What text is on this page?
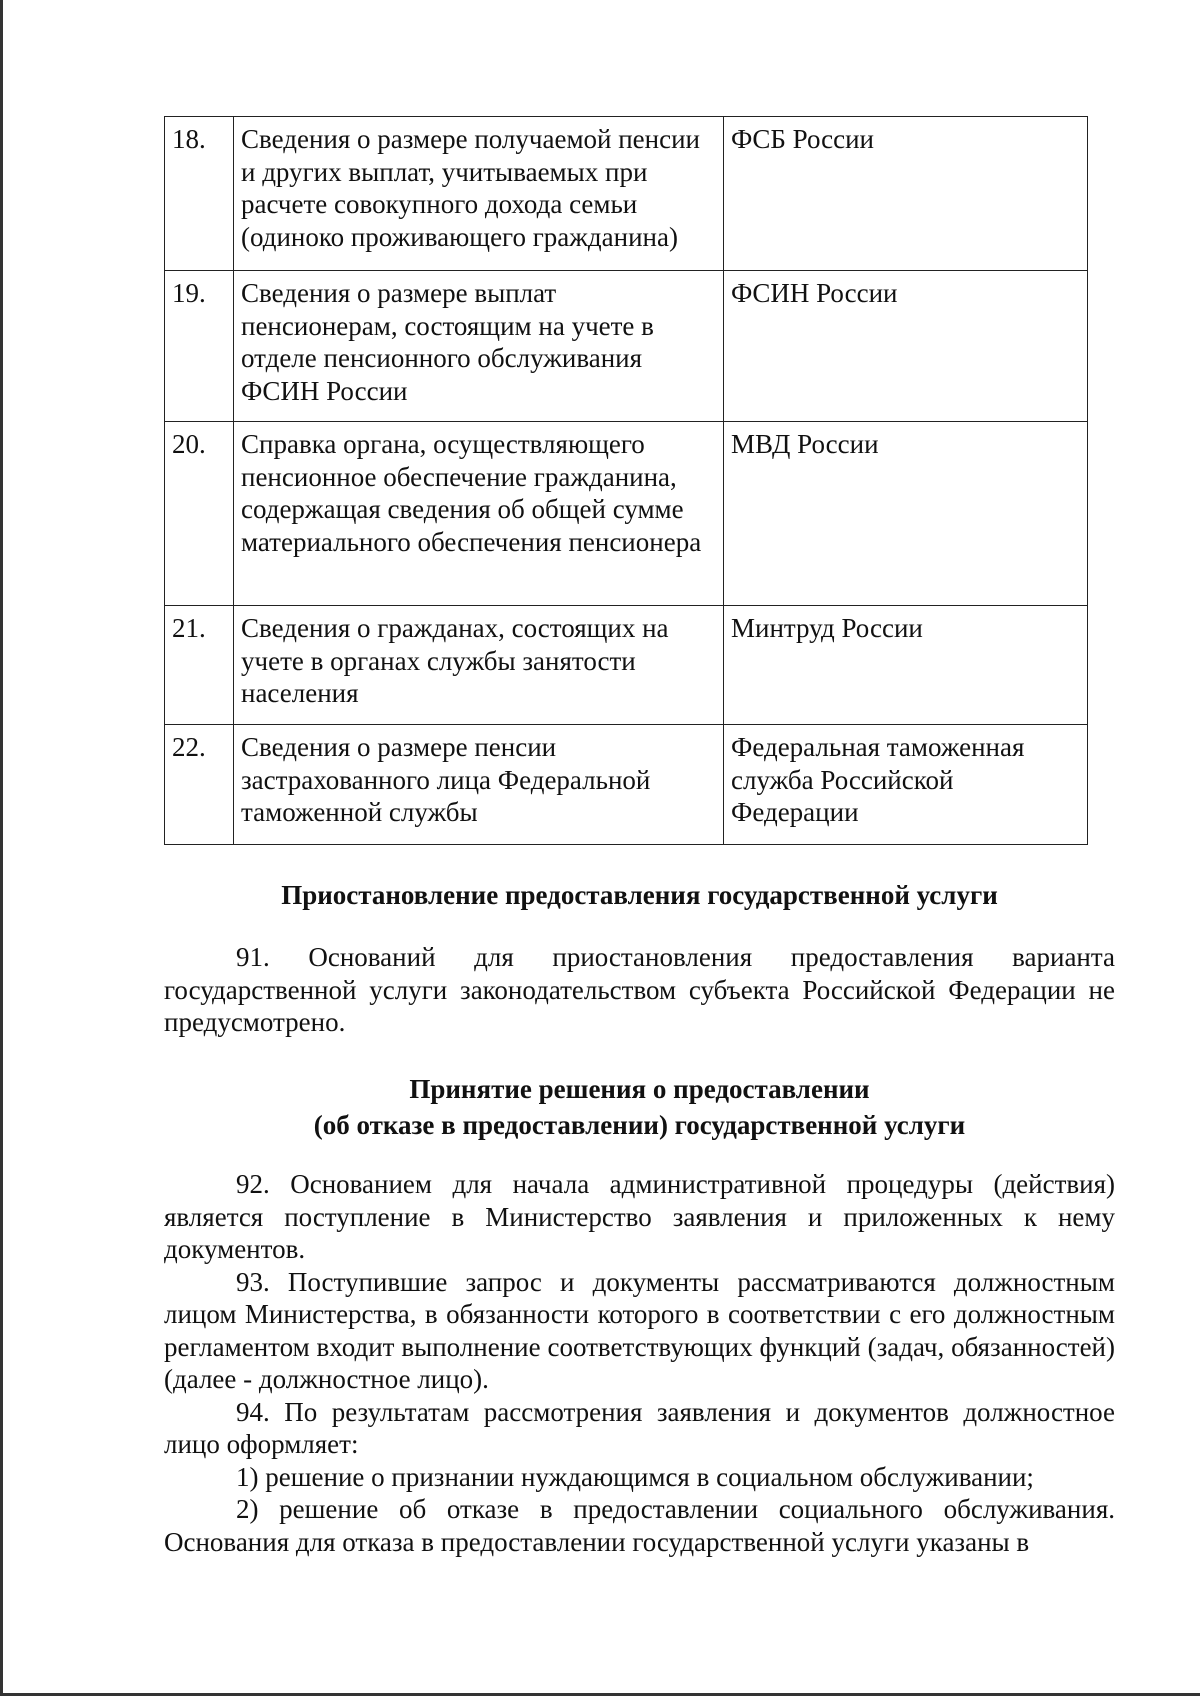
18.	Сведения о размере получаемой пенсии и других выплат, учитываемых при расчете совокупного дохода семьи (одиноко проживающего гражданина)	ФСБ России
19.	Сведения о размере выплат пенсионерам, состоящим на учете в отделе пенсионного обслуживания ФСИН России	ФСИН России
20.	Справка органа, осуществляющего пенсионное обеспечение гражданина, содержащая сведения об общей сумме материального обеспечения пенсионера	МВД России
21.	Сведения о гражданах, состоящих на учете в органах службы занятости населения	Минтруд России
22.	Сведения о размере пенсии застрахованного лица Федеральной таможенной службы	Федеральная таможенная служба Российской Федерации
Приостановление предоставления государственной услуги

91. Оснований для приостановления предоставления варианта государственной услуги законодательством субъекта Российской Федерации не предусмотрено.

Принятие решения о предоставлении
(об отказе в предоставлении) государственной услуги

92. Основанием для начала административной процедуры (действия) является поступление в Министерство заявления и приложенных к нему документов.

93. Поступившие запрос и документы рассматриваются должностным лицом Министерства, в обязанности которого в соответствии с его должностным регламентом входит выполнение соответствующих функций (задач, обязанностей) (далее - должностное лицо).

94. По результатам рассмотрения заявления и документов должностное лицо оформляет:

1) решение о признании нуждающимся в социальном обслуживании;

2) решение об отказе в предоставлении социального обслуживания. Основания для отказа в предоставлении государственной услуги указаны в
